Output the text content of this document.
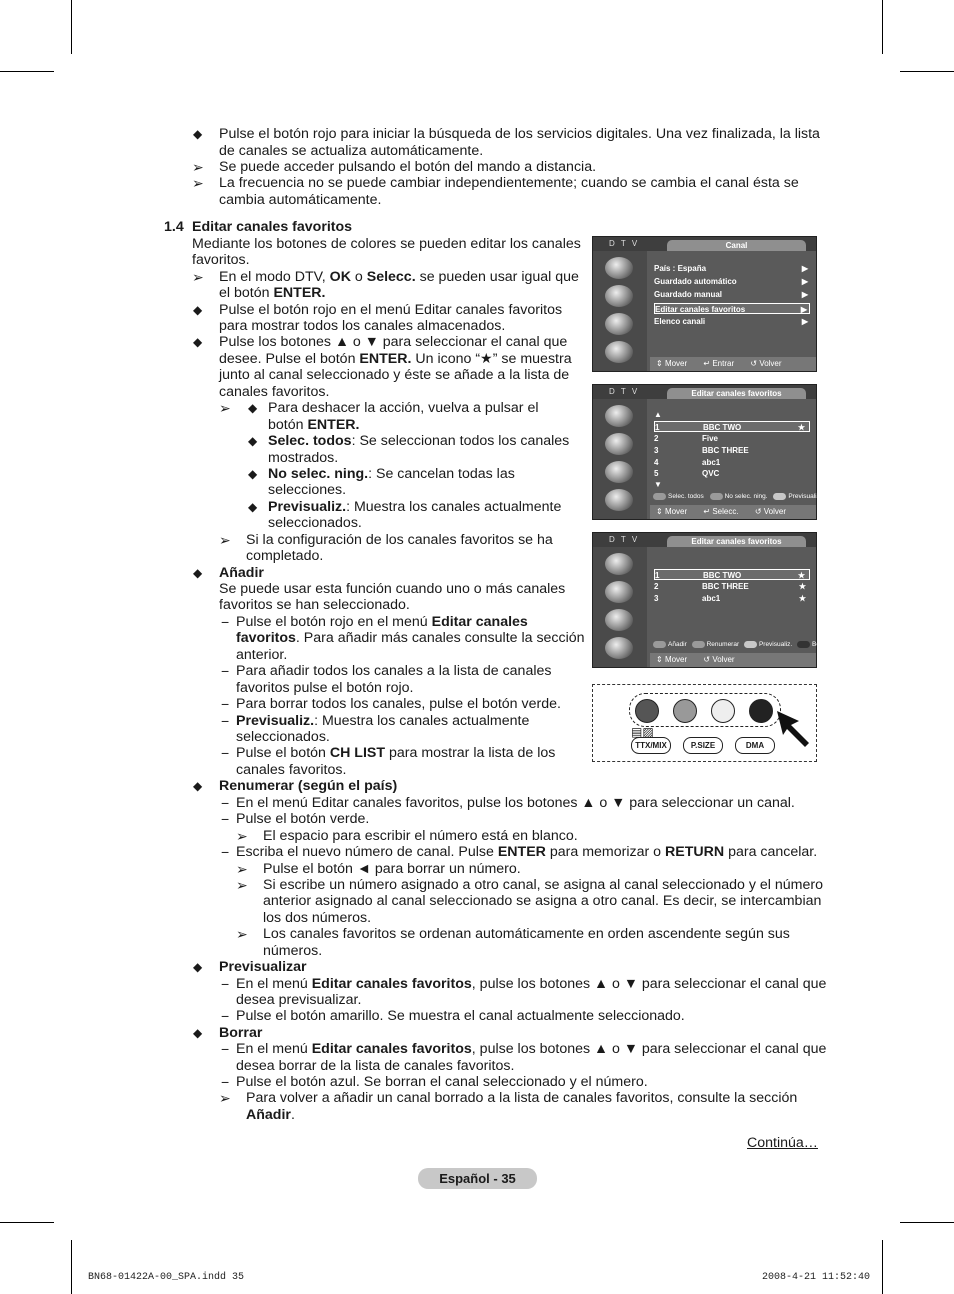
◆ Pulse el botón rojo para iniciar la búsqueda de los servicios digitales. Una vez finalizada, la lista
de canales se actualiza automáticamente.
➢ Se puede acceder pulsando el botón del mando a distancia.
➢ La frecuencia no se puede cambiar independientemente; cuando se cambia el canal ésta se
cambia automáticamente.
1.4 Editar canales favoritos
Mediante los botones de colores se pueden editar los canales
favoritos.
➢ En el modo DTV, OK o Selecc. se pueden usar igual que
el botón ENTER.
◆ Pulse el botón rojo en el menú Editar canales favoritos
para mostrar todos los canales almacenados.
◆ Pulse los botones ▲ o ▼ para seleccionar el canal que
desee. Pulse el botón ENTER. Un icono “★” se muestra
junto al canal seleccionado y éste se añade a la lista de
canales favoritos.
➢ ◆ Para deshacer la acción, vuelva a pulsar el
botón ENTER.
◆ Selec. todos: Se seleccionan todos los canales
mostrados.
◆ No selec. ning.: Se cancelan todas las
selecciones.
◆ Previsualiz.: Muestra los canales actualmente
seleccionados.
➢ Si la configuración de los canales favoritos se ha
completado.
◆ Añadir
Se puede usar esta función cuando uno o más canales
favoritos se han seleccionado.
− Pulse el botón rojo en el menú Editar canales
favoritos. Para añadir más canales consulte la sección
anterior.
− Para añadir todos los canales a la lista de canales
favoritos pulse el botón rojo.
− Para borrar todos los canales, pulse el botón verde.
− Previsualiz.: Muestra los canales actualmente
seleccionados.
− Pulse el botón CH LIST para mostrar la lista de los
canales favoritos.
◆ Renumerar (según el país)
− En el menú Editar canales favoritos, pulse los botones ▲ o ▼ para seleccionar un canal.
− Pulse el botón verde.
➢ El espacio para escribir el número está en blanco.
− Escriba el nuevo número de canal. Pulse ENTER para memorizar o RETURN para cancelar.
➢ Pulse el botón ◄ para borrar un número.
➢ Si escribe un número asignado a otro canal, se asigna al canal seleccionado y el número
anterior asignado al canal seleccionado se asigna a otro canal. Es decir, se intercambian
los dos números.
➢ Los canales favoritos se ordenan automáticamente en orden ascendente según sus
números.
◆ Previsualizar
− En el menú Editar canales favoritos, pulse los botones ▲ o ▼ para seleccionar el canal que
desea previsualizar.
− Pulse el botón amarillo. Se muestra el canal actualmente seleccionado.
◆ Borrar
− En el menú Editar canales favoritos, pulse los botones ▲ o ▼ para seleccionar el canal que
desea borrar de la lista de canales favoritos.
− Pulse el botón azul. Se borran el canal seleccionado y el número.
➢ Para volver a añadir un canal borrado a la lista de canales favoritos, consulte la sección
Añadir.
Continúa…
D T V	Canal
País : España	▶
Guardado automático	▶
Guardado manual	▶
Editar canales favoritos	▶
Elenco canali	▶
⇕ Mover ↵ Entrar ↺ Volver
D T V	Editar canales favoritos
▲
1	BBC TWO	★
2	Five
3	BBC THREE
4	abc1
5	QVC
▼
Selec. todos	No selec. ning.	Previsualiz.
⇕ Mover ↵ Selecc. ↺ Volver
D T V	Editar canales favoritos
1	BBC TWO	★
2	BBC THREE	★
3	abc1	★
Añadir	Renumerar	Previsualiz.	Borrare
⇕ Mover ↺ Volver
▤▨
TTX/MIX	P.SIZE	DMA
Español - 35
BN68-01422A-00_SPA.indd 35	2008-4-21 11:52:40
